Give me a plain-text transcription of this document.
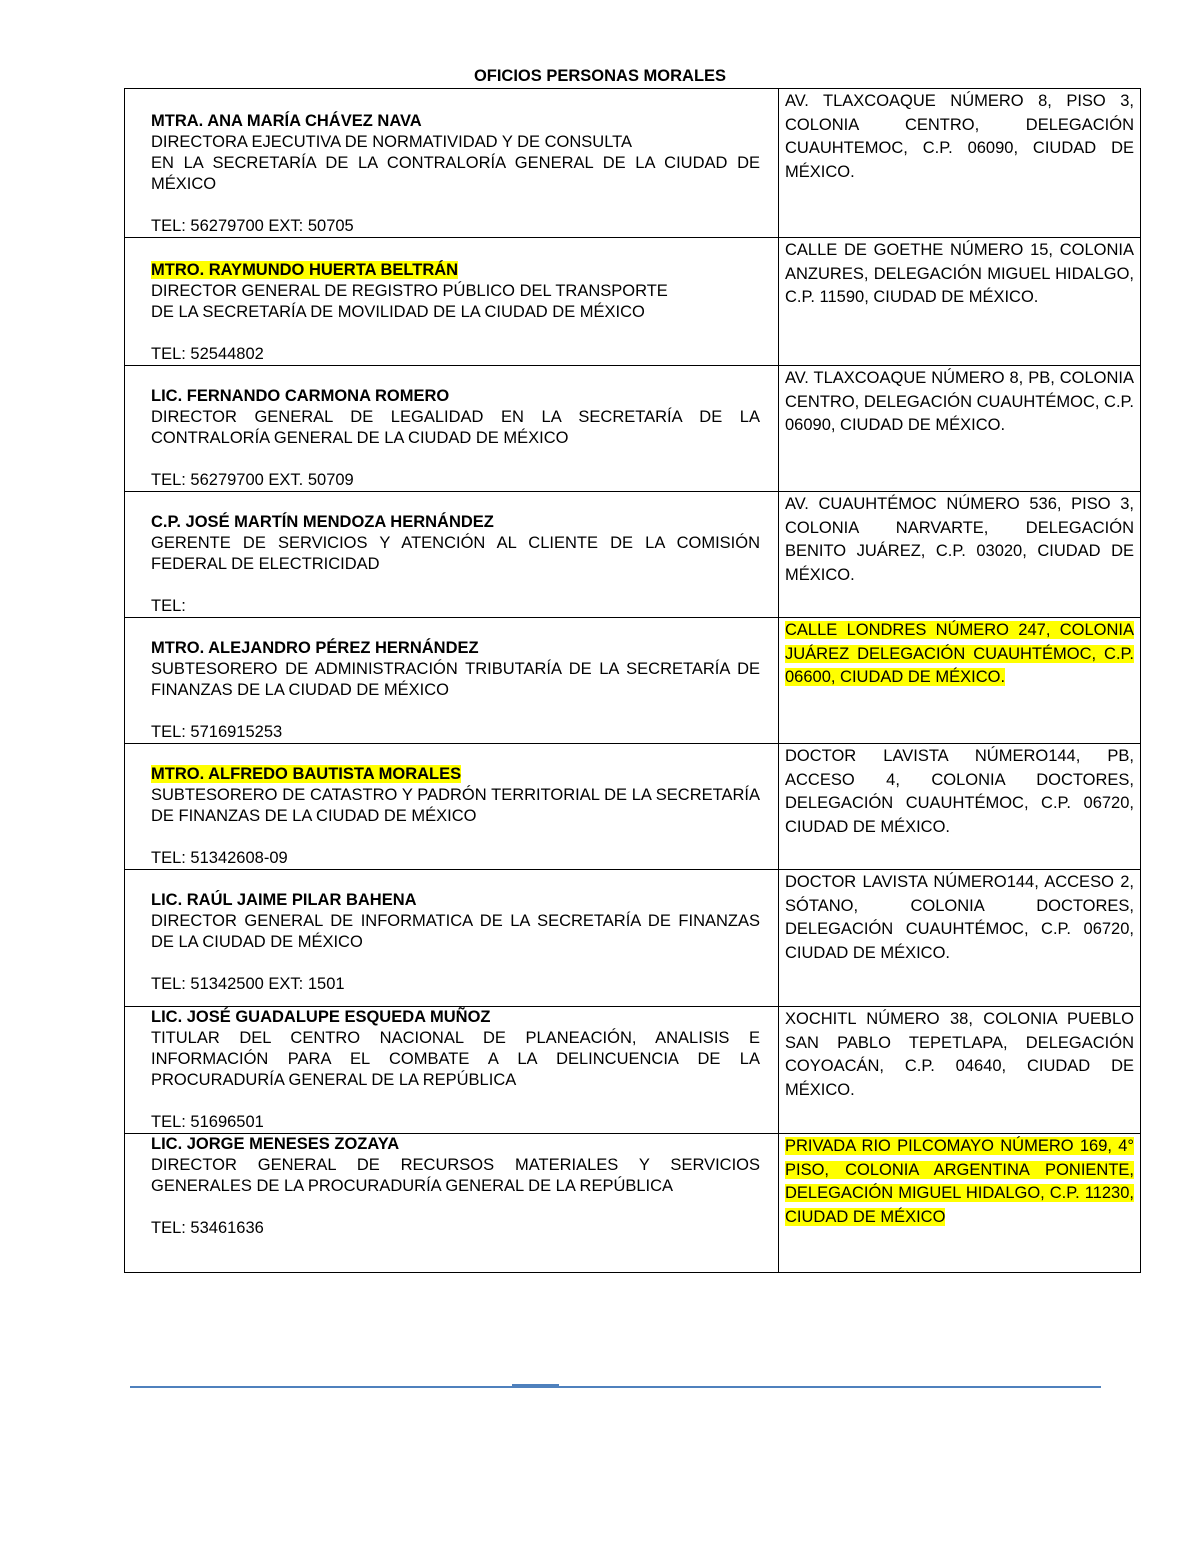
OFICIOS PERSONAS MORALES
MTRA. ANA MARÍA CHÁVEZ NAVA
DIRECTORA EJECUTIVA DE NORMATIVIDAD Y DE CONSULTA
EN LA SECRETARÍA DE LA CONTRALORÍA GENERAL DE LA CIUDAD DE MÉXICO
TEL: 56279700 EXT: 50705	AV. TLAXCOAQUE NÚMERO 8, PISO 3, COLONIA CENTRO, DELEGACIÓN CUAUHTEMOC, C.P. 06090, CIUDAD DE MÉXICO.

MTRO. RAYMUNDO HUERTA BELTRÁN
DIRECTOR GENERAL DE REGISTRO PÚBLICO DEL TRANSPORTE
DE LA SECRETARÍA DE MOVILIDAD DE LA CIUDAD DE MÉXICO
TEL: 52544802	CALLE DE GOETHE NÚMERO 15, COLONIA ANZURES, DELEGACIÓN MIGUEL HIDALGO, C.P. 11590, CIUDAD DE MÉXICO.

LIC. FERNANDO CARMONA ROMERO
DIRECTOR GENERAL DE LEGALIDAD EN LA SECRETARÍA DE LA CONTRALORÍA GENERAL DE LA CIUDAD DE MÉXICO
TEL: 56279700 EXT. 50709	AV. TLAXCOAQUE NÚMERO 8, PB, COLONIA CENTRO, DELEGACIÓN CUAUHTÉMOC, C.P. 06090, CIUDAD DE MÉXICO.

C.P. JOSÉ MARTÍN MENDOZA HERNÁNDEZ
GERENTE DE SERVICIOS Y ATENCIÓN AL CLIENTE DE LA COMISIÓN FEDERAL DE ELECTRICIDAD
TEL:	AV. CUAUHTÉMOC NÚMERO 536, PISO 3, COLONIA NARVARTE, DELEGACIÓN BENITO JUÁREZ, C.P. 03020, CIUDAD DE MÉXICO.

MTRO. ALEJANDRO PÉREZ HERNÁNDEZ
SUBTESORERO DE ADMINISTRACIÓN TRIBUTARÍA DE LA SECRETARÍA DE FINANZAS DE LA CIUDAD DE MÉXICO
TEL: 5716915253	CALLE LONDRES NÚMERO 247, COLONIA JUÁREZ DELEGACIÓN CUAUHTÉMOC, C.P. 06600, CIUDAD DE MÉXICO.

MTRO. ALFREDO BAUTISTA MORALES
SUBTESORERO DE CATASTRO Y PADRÓN TERRITORIAL DE LA SECRETARÍA DE FINANZAS DE LA CIUDAD DE MÉXICO
TEL: 51342608-09	DOCTOR LAVISTA NÚMERO144, PB, ACCESO 4, COLONIA DOCTORES, DELEGACIÓN CUAUHTÉMOC, C.P. 06720, CIUDAD DE MÉXICO.

LIC. RAÚL JAIME PILAR BAHENA
DIRECTOR GENERAL DE INFORMATICA DE LA SECRETARÍA DE FINANZAS DE LA CIUDAD DE MÉXICO
TEL: 51342500 EXT: 1501	DOCTOR LAVISTA NÚMERO144, ACCESO 2, SÓTANO, COLONIA DOCTORES, DELEGACIÓN CUAUHTÉMOC, C.P. 06720, CIUDAD DE MÉXICO.

LIC. JOSÉ GUADALUPE ESQUEDA MUÑOZ
TITULAR DEL CENTRO NACIONAL DE PLANEACIÓN, ANALISIS E INFORMACIÓN PARA EL COMBATE A LA DELINCUENCIA DE LA PROCURADURÍA GENERAL DE LA REPÚBLICA
TEL: 51696501	XOCHITL NÚMERO 38, COLONIA PUEBLO SAN PABLO TEPETLAPA, DELEGACIÓN COYOACÁN, C.P. 04640, CIUDAD DE MÉXICO.

LIC. JORGE MENESES ZOZAYA
DIRECTOR GENERAL DE RECURSOS MATERIALES Y SERVICIOS GENERALES DE LA PROCURADURÍA GENERAL DE LA REPÚBLICA
TEL: 53461636	PRIVADA RIO PILCOMAYO NÚMERO 169, 4° PISO, COLONIA ARGENTINA PONIENTE, DELEGACIÓN MIGUEL HIDALGO, C.P. 11230, CIUDAD DE MÉXICO
